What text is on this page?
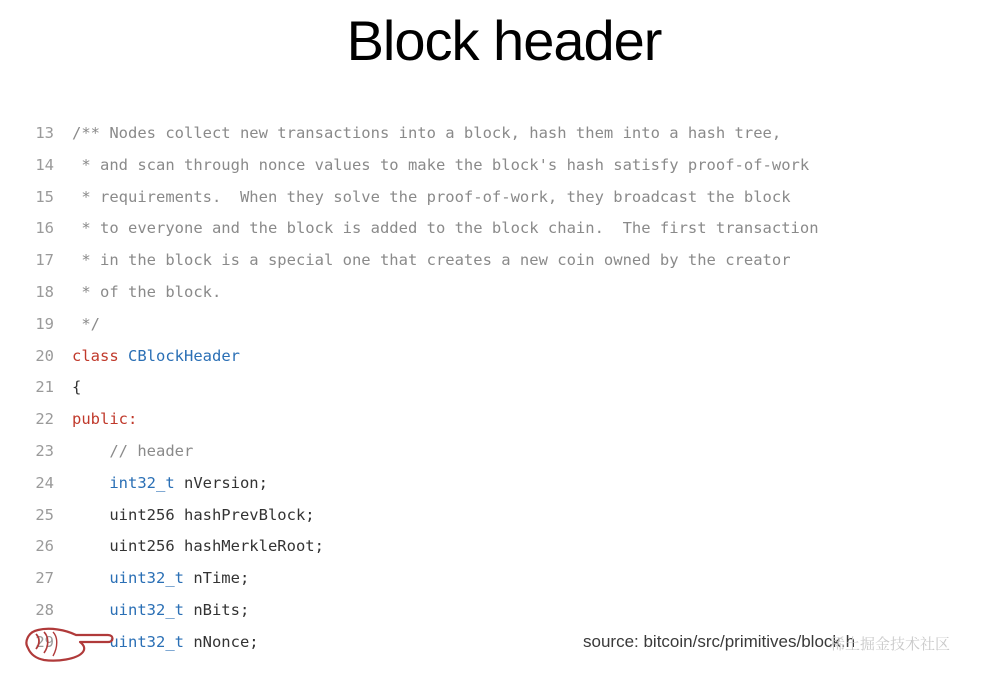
Block header
13	/** Nodes collect new transactions into a block, hash them into a hash tree,
14	* and scan through nonce values to make the block's hash satisfy proof-of-work
15	* requirements.  When they solve the proof-of-work, they broadcast the block
16	* to everyone and the block is added to the block chain.  The first transaction
17	* in the block is a special one that creates a new coin owned by the creator
18	* of the block.
19	*/
20	class CBlockHeader
21	{
22	public:
23	// header
24	int32_t nVersion;
25	uint256 hashPrevBlock;
26	uint256 hashMerkleRoot;
27	uint32_t nTime;
28	uint32_t nBits;
29	uint32_t nNonce;	source: bitcoin/src/primitives/block.h
稀土掘金技术社区
